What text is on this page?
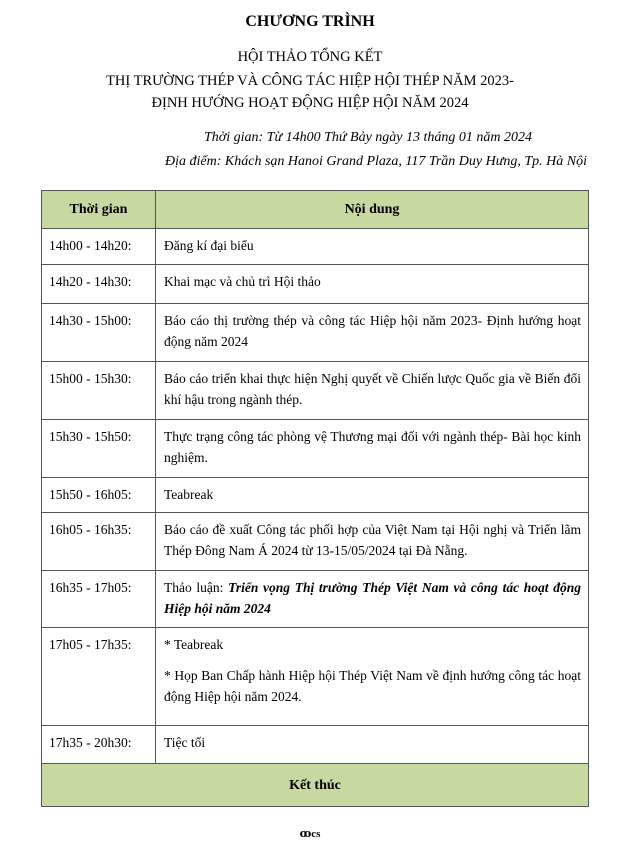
CHƯƠNG TRÌNH
HỘI THẢO TỔNG KẾT
THỊ TRƯỜNG THÉP VÀ CÔNG TÁC HIỆP HỘI THÉP NĂM 2023-
ĐỊNH HƯỚNG HOẠT ĐỘNG HIỆP HỘI NĂM 2024
Thời gian: Từ 14h00 Thứ Bảy ngày 13 tháng 01 năm 2024
Địa điểm: Khách sạn Hanoi Grand Plaza, 117 Trần Duy Hưng, Tp. Hà Nội
Thời gian	Nội dung
14h00 - 14h20:	Đăng kí đại biểu
14h20 - 14h30:	Khai mạc và chủ trì Hội thảo
14h30 - 15h00:	Báo cáo thị trường thép và công tác Hiệp hội năm 2023- Định hướng hoạt động năm 2024
15h00 - 15h30:	Báo cáo triển khai thực hiện Nghị quyết về Chiến lược Quốc gia về Biến đổi khí hậu trong ngành thép.
15h30 - 15h50:	Thực trạng công tác phòng vệ Thương mại đối với ngành thép- Bài học kinh nghiệm.
15h50 - 16h05:	Teabreak
16h05 - 16h35:	Báo cáo đề xuất Công tác phối hợp của Việt Nam tại Hội nghị và Triển lãm Thép Đông Nam Á 2024 từ 13-15/05/2024 tại Đà Nẵng.
16h35 - 17h05:	Thảo luận: Triển vọng Thị trường Thép Việt Nam và công tác hoạt động Hiệp hội năm 2024
17h05 - 17h35:	* Teabreak

* Họp Ban Chấp hành Hiệp hội Thép Việt Nam về định hướng công tác hoạt động Hiệp hội năm 2024.

17h35 - 20h30:	Tiệc tối
Kết thúc	
ꝏcs
